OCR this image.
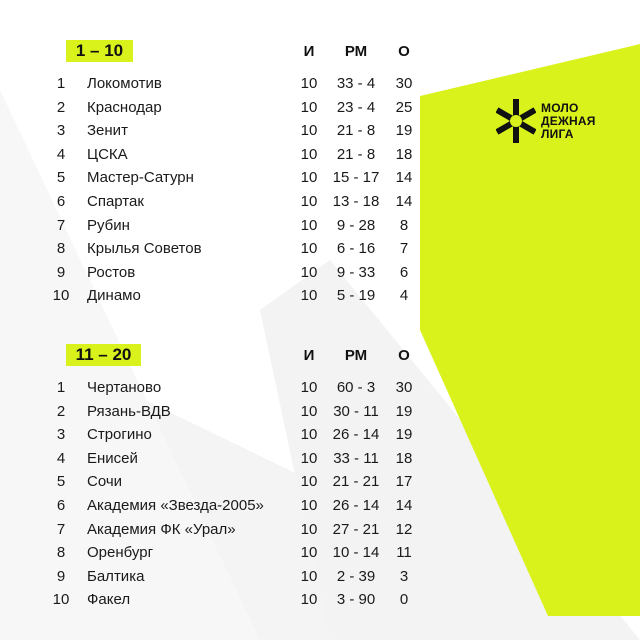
МОЛО
ДЕЖНАЯ
ЛИГА
1 – 10	И	РМ	О
1	Локомотив	10	33 - 4	30
2	Краснодар	10	23 - 4	25
3	Зенит	10	21 - 8	19
4	ЦСКА	10	21 - 8	18
5	Мастер-Сатурн	10	15 - 17	14
6	Спартак	10	13 - 18	14
7	Рубин	10	9 - 28	8
8	Крылья Советов	10	6 - 16	7
9	Ростов	10	9 - 33	6
10	Динамо	10	5 - 19	4
11 – 20	И	РМ	О
1	Чертаново	10	60 - 3	30
2	Рязань-ВДВ	10	30 - 11	19
3	Строгино	10	26 - 14	19
4	Енисей	10	33 - 11	18
5	Сочи	10	21 - 21	17
6	Академия «Звезда-2005»	10	26 - 14	14
7	Академия ФК «Урал»	10	27 - 21	12
8	Оренбург	10	10 - 14	11
9	Балтика	10	2 - 39	3
10	Факел	10	3 - 90	0
